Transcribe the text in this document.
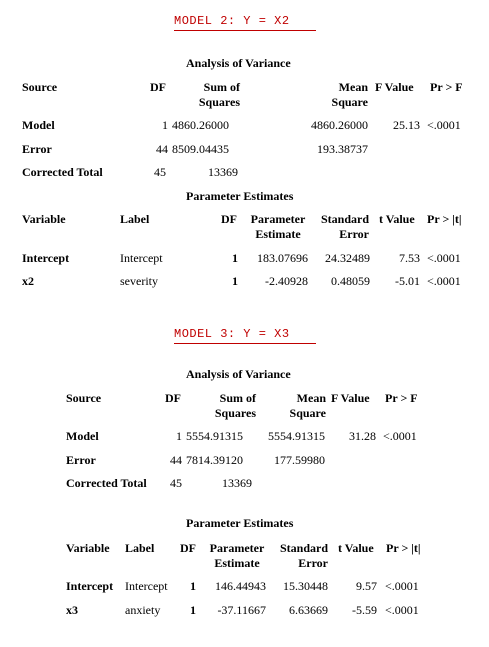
MODEL 2: Y = X2
Analysis of Variance
Source	DF	Sum of
Squares
Mean
Square
F Value Pr > F
Model	1 4860.26000	4860.26000	25.13 <.0001
Error	44 8509.04435	193.38737
Corrected Total	45	13369
Parameter Estimates
Variable	Label	DF	Parameter
Estimate
Standard
Error
t Value Pr > |t|
Intercept	Intercept	1	183.07696	24.32489	7.53 <.0001
x2	severity	1	-2.40928	0.48059	-5.01 <.0001
MODEL 3: Y = X3
Analysis of Variance
Source	DF	Sum of
Squares
Mean
Square
F Value Pr > F
Model	1 5554.91315	5554.91315	31.28 <.0001
Error	44 7814.39120	177.59980
Corrected Total 45	13369
Parameter Estimates
Variable Label DF	Parameter
Estimate
Standard
Error
t Value Pr > |t|
Intercept Intercept 1	146.44943	15.30448	9.57 <.0001
x3	anxiety 1	-37.11667	6.63669	-5.59 <.0001
